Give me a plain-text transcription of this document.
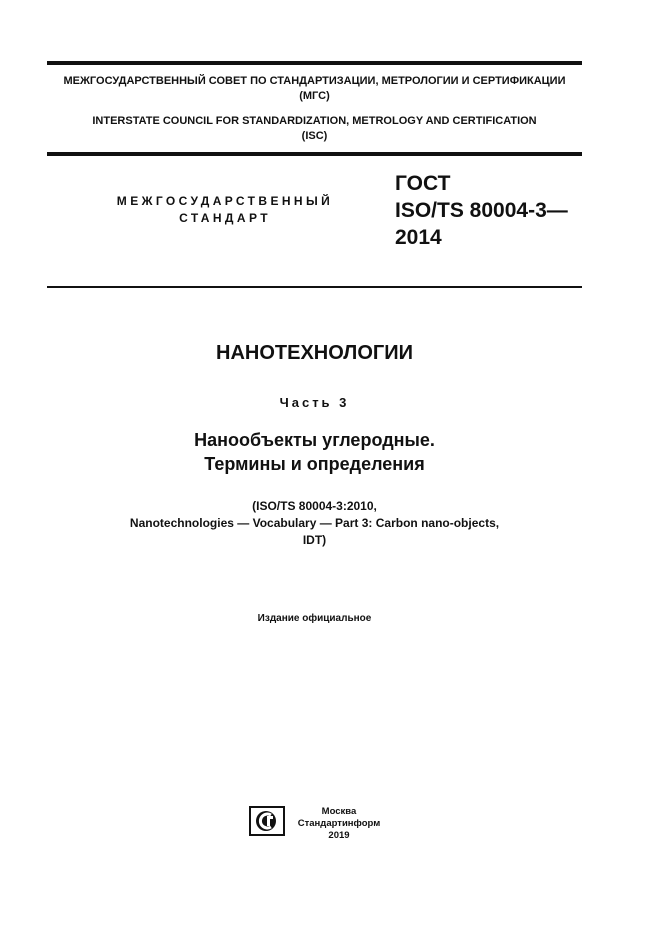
МЕЖГОСУДАРСТВЕННЫЙ СОВЕТ ПО СТАНДАРТИЗАЦИИ, МЕТРОЛОГИИ И СЕРТИФИКАЦИИ
(МГС)
INTERSTATE COUNCIL FOR STANDARDIZATION, METROLOGY AND CERTIFICATION
(ISC)
МЕЖГОСУДАРСТВЕННЫЙ
СТАНДАРТ
ГОСТ
ISO/TS 80004-3—
2014
НАНОТЕХНОЛОГИИ
Часть 3
Нанообъекты углеродные.
Термины и определения
(ISO/TS 80004-3:2010,
Nanotechnologies — Vocabulary — Part 3: Carbon nano-objects,
IDT)
Издание официальное
Москва
Стандартинформ
2019
